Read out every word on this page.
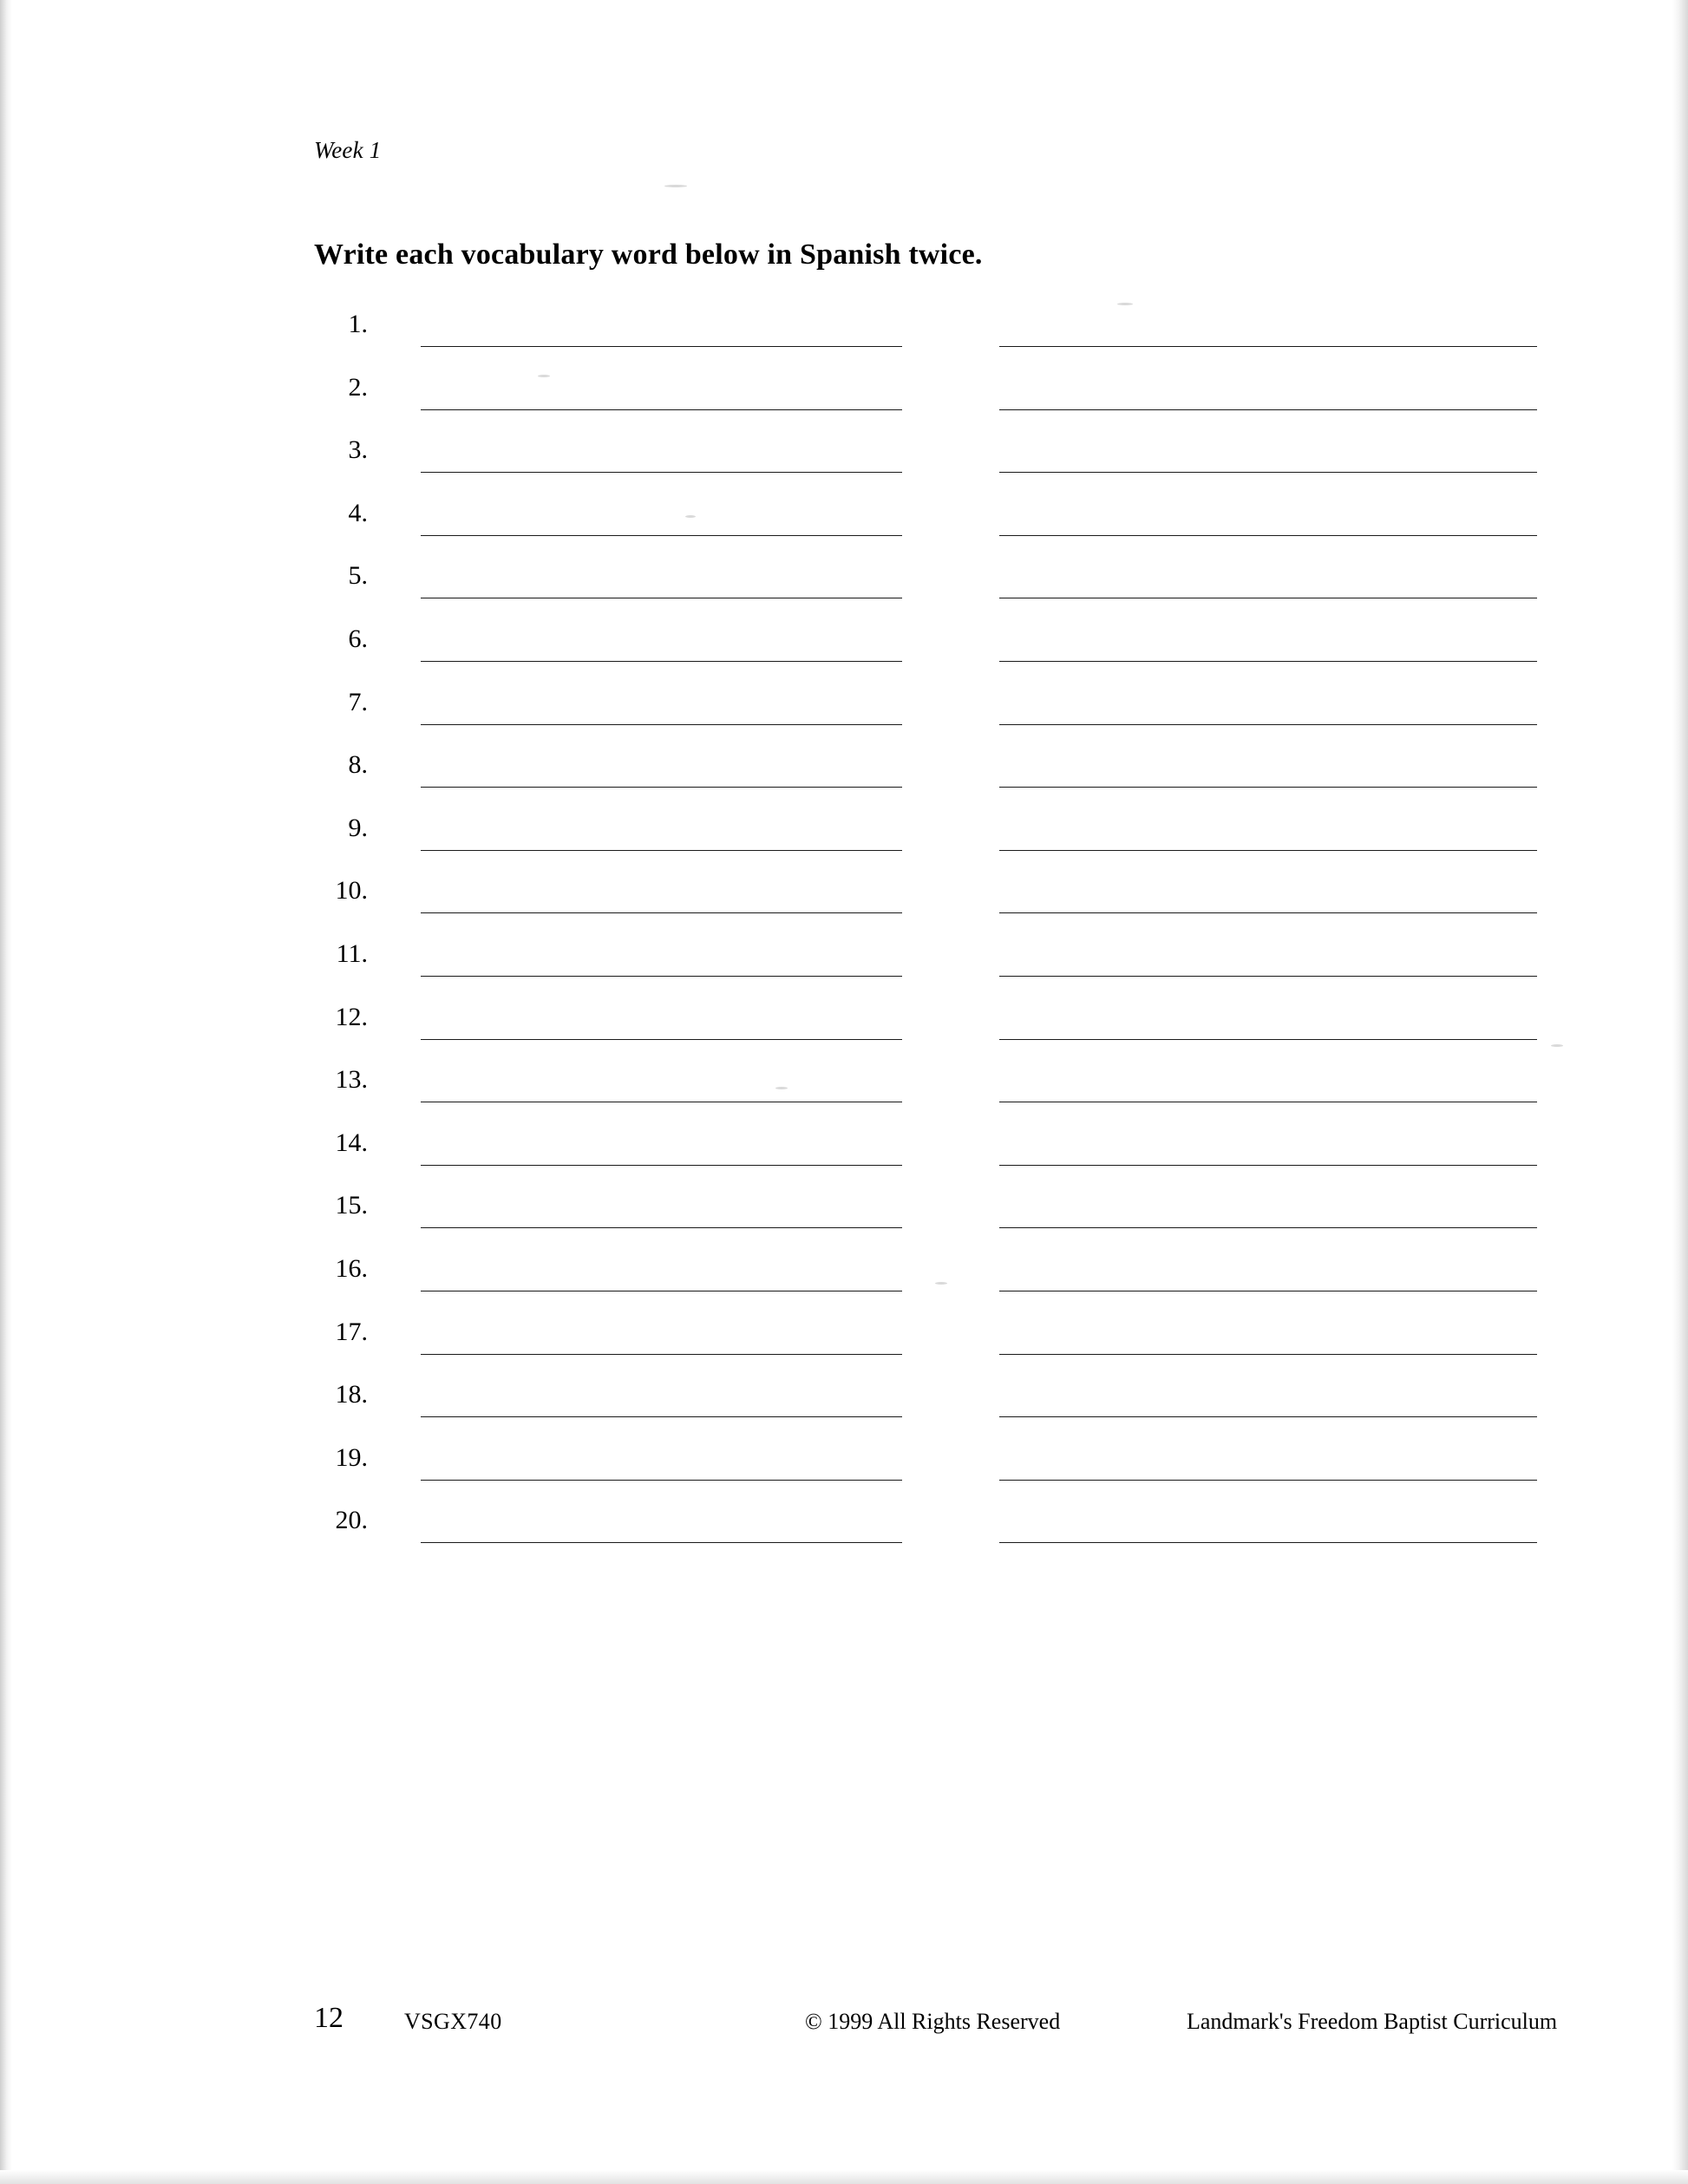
Week 1
Write each vocabulary word below in Spanish twice.
1.
2.
3.
4.
5.
6.
7.
8.
9.
10.
11.
12.
13.
14.
15.
16.
17.
18.
19.
20.
12	VSGX740	© 1999 All Rights Reserved	Landmark's Freedom Baptist Curriculum
